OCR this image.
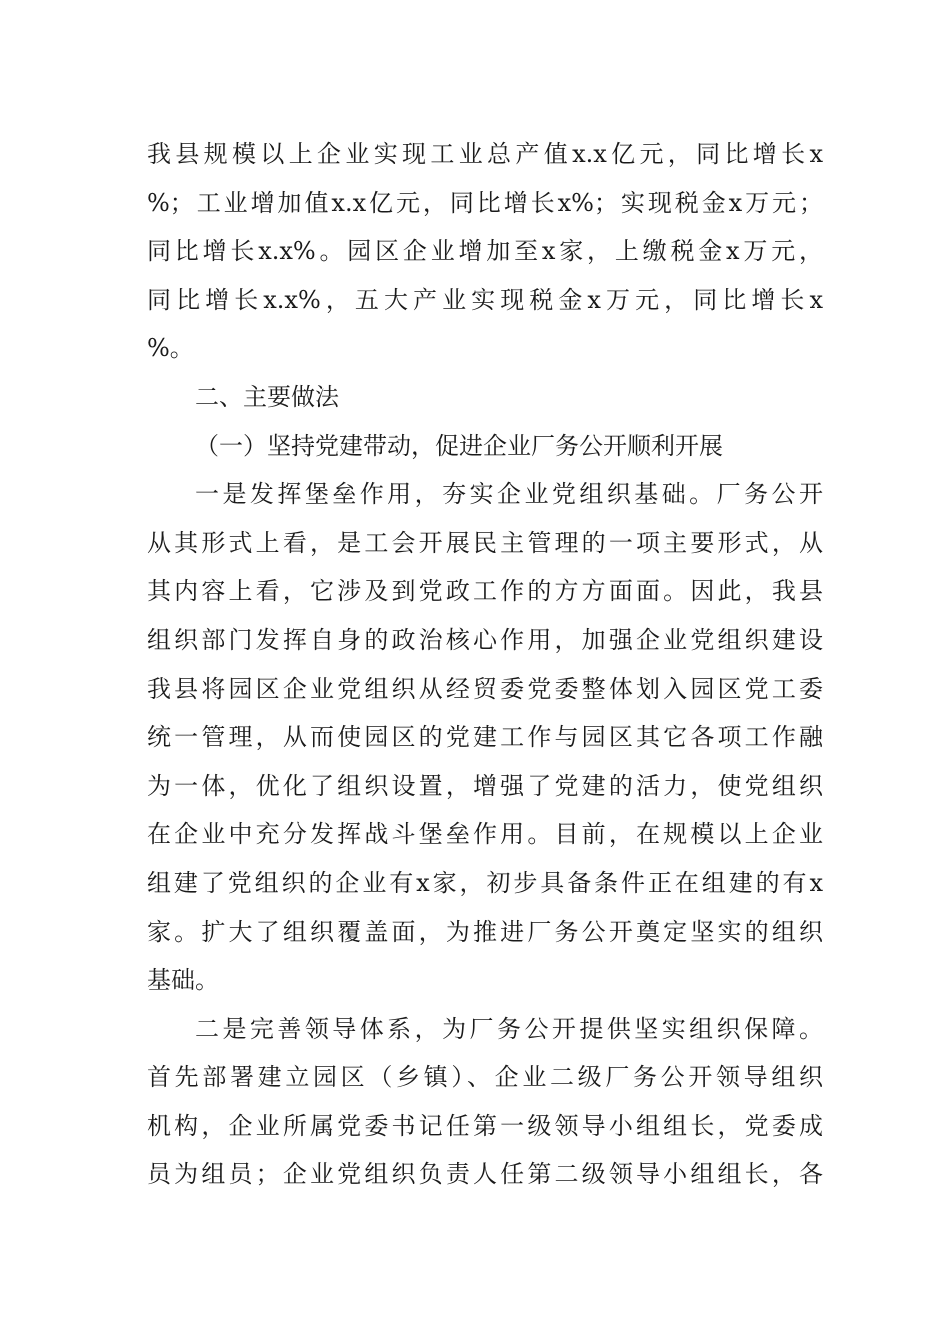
我县规模以上企业实现工业总产值x.x亿元，同比增长x
%；工业增加值x.x亿元，同比增长x%；实现税金x万元；
同比增长x.x%。园区企业增加至x家，上缴税金x万元，
同比增长x.x%，五大产业实现税金x万元，同比增长x
%。
二、主要做法
（一）坚持党建带动，促进企业厂务公开顺利开展
一是发挥堡垒作用，夯实企业党组织基础。厂务公开
从其形式上看，是工会开展民主管理的一项主要形式，从
其内容上看，它涉及到党政工作的方方面面。因此，我县
组织部门发挥自身的政治核心作用，加强企业党组织建设
我县将园区企业党组织从经贸委党委整体划入园区党工委
统一管理，从而使园区的党建工作与园区其它各项工作融
为一体，优化了组织设置，增强了党建的活力，使党组织
在企业中充分发挥战斗堡垒作用。目前，在规模以上企业
组建了党组织的企业有x家，初步具备条件正在组建的有x
家。扩大了组织覆盖面，为推进厂务公开奠定坚实的组织
基础。
二是完善领导体系，为厂务公开提供坚实组织保障。
首先部署建立园区（乡镇）、企业二级厂务公开领导组织
机构，企业所属党委书记任第一级领导小组组长，党委成
员为组员；企业党组织负责人任第二级领导小组组长，各
